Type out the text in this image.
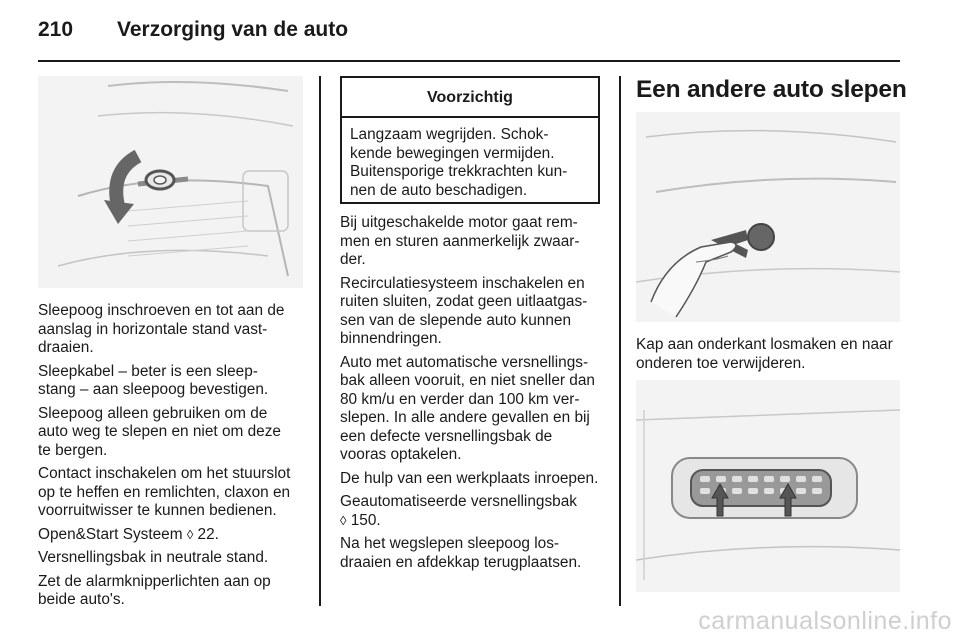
210	Verzorging van de auto

Sleepoog inschroeven en tot aan de
aanslag in horizontale stand vast-
draaien.

Sleepkabel – beter is een sleep-
stang – aan sleepoog bevestigen.

Sleepoog alleen gebruiken om de
auto weg te slepen en niet om deze
te bergen.

Contact inschakelen om het stuurslot
op te heffen en remlichten, claxon en
voorruitwisser te kunnen bedienen.

Open&Start Systeem ◊ 22.

Versnellingsbak in neutrale stand.

Zet de alarmknipperlichten aan op
beide auto's.

Voorzichtig
Langzaam wegrijden. Schok-
kende bewegingen vermijden.
Buitensporige trekkrachten kun-
nen de auto beschadigen.

Bij uitgeschakelde motor gaat rem-
men en sturen aanmerkelijk zwaar-
der.

Recirculatiesysteem inschakelen en
ruiten sluiten, zodat geen uitlaatgas-
sen van de slepende auto kunnen
binnendringen.

Auto met automatische versnellings-
bak alleen vooruit, en niet sneller dan
80 km/u en verder dan 100 km ver-
slepen. In alle andere gevallen en bij
een defecte versnellingsbak de
vooras optakelen.

De hulp van een werkplaats inroepen.

Geautomatiseerde versnellingsbak
◊ 150.

Na het wegslepen sleepoog los-
draaien en afdekkap terugplaatsen.

Een andere auto slepen

Kap aan onderkant losmaken en naar
onderen toe verwijderen.

carmanualsonline.info
